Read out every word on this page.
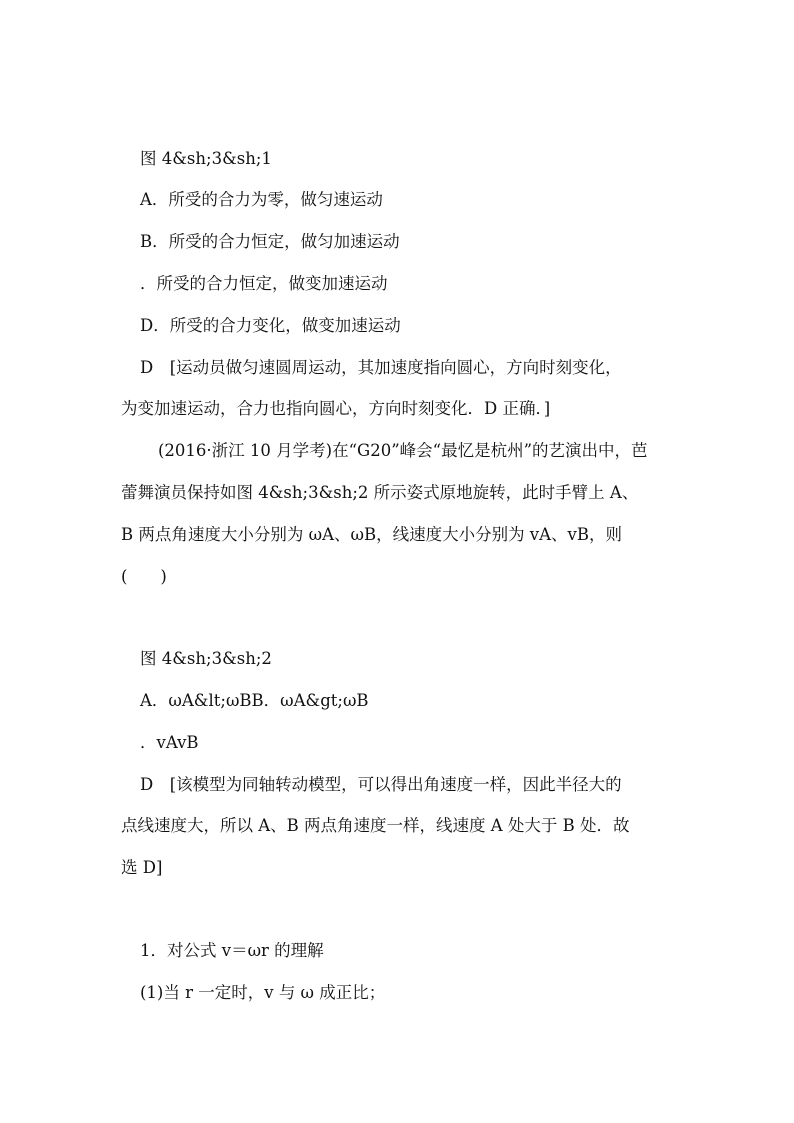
图 4&sh;3&sh;1

A．所受的合力为零，做匀速运动

B．所受的合力恒定，做匀加速运动

．所受的合力恒定，做变加速运动

D．所受的合力变化，做变加速运动

D　[运动员做匀速圆周运动，其加速度指向圆心，方向时刻变化，

为变加速运动，合力也指向圆心，方向时刻变化．D 正确．]

(2016·浙江 10 月学考)在“G20”峰会“最忆是杭州”的艺演出中，芭

蕾舞演员保持如图 4&sh;3&sh;2 所示姿式原地旋转，此时手臂上 A、

B 两点角速度大小分别为 ωA、ωB，线速度大小分别为 vA、vB，则

(　　)

图 4&sh;3&sh;2

A．ωA&lt;ωBB．ωA&gt;ωB

．vAvB

D　[该模型为同轴转动模型，可以得出角速度一样，因此半径大的

点线速度大，所以 A、B 两点角速度一样，线速度 A 处大于 B 处．故

选 D]

1．对公式 v＝ωr 的理解

(1)当 r 一定时，v 与 ω 成正比；
